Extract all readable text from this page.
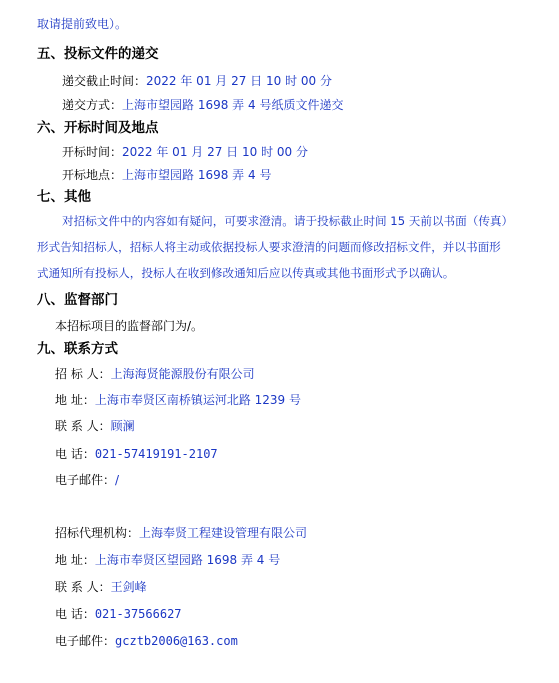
取请提前致电）。
五、投标文件的递交
递交截止时间：2022 年 01 月 27 日 10 时 00 分
递交方式：上海市望园路 1698 弄 4 号纸质文件递交
六、开标时间及地点
开标时间：2022 年 01 月 27 日 10 时 00 分
开标地点：上海市望园路 1698 弄 4 号
七、其他
对招标文件中的内容如有疑问，可要求澄清。请于投标截止时间 15 天前以书面（传真）
形式告知招标人，招标人将主动或依据投标人要求澄清的问题而修改招标文件，并以书面形
式通知所有投标人，投标人在收到修改通知后应以传真或其他书面形式予以确认。
八、监督部门
本招标项目的监督部门为/。
九、联系方式
招 标 人：上海海贤能源股份有限公司
地 址：上海市奉贤区南桥镇运河北路 1239 号
联 系 人：顾澜
电 话：021-57419191-2107
电子邮件：/
招标代理机构：上海奉贤工程建设管理有限公司
地 址：上海市奉贤区望园路 1698 弄 4 号
联 系 人：王剑峰
电 话：021-37566627
电子邮件：gcztb2006@163.com
